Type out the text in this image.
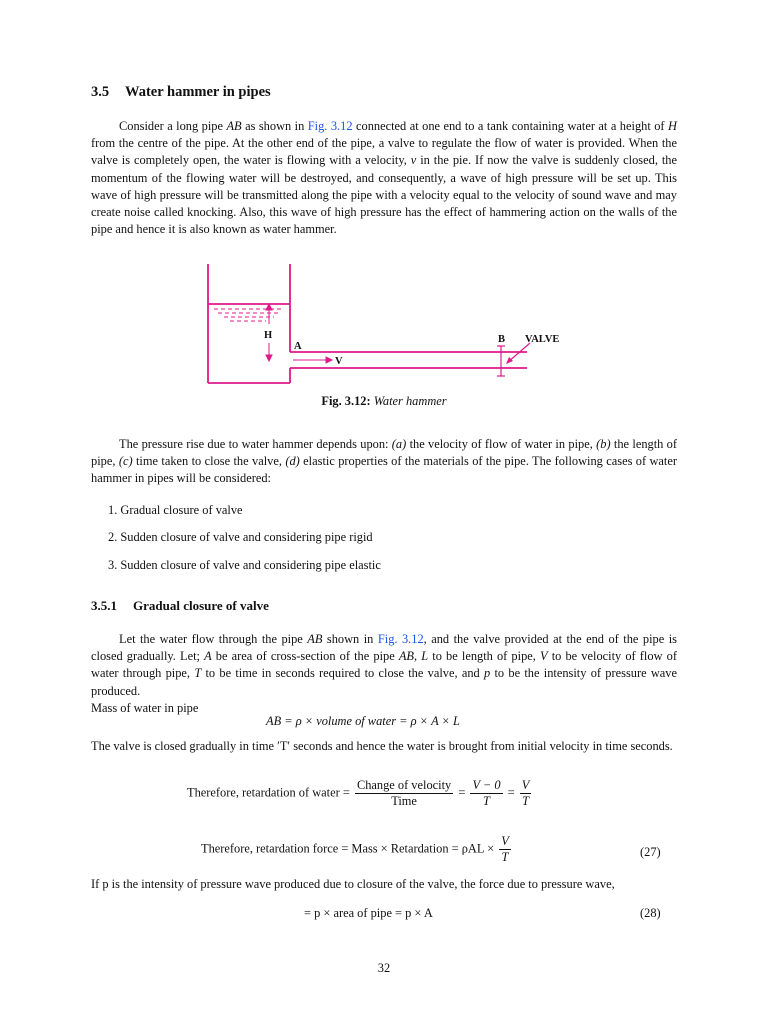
3.5 Water hammer in pipes

Consider a long pipe AB as shown in Fig. 3.12 connected at one end to a tank containing water at a height of H from the centre of the pipe. At the other end of the pipe, a valve to regulate the flow of water is provided. When the valve is completely open, the water is flowing with a velocity, v in the pie. If now the valve is suddenly closed, the momentum of the flowing water will be destroyed, and consequently, a wave of high pressure will be set up. This wave of high pressure will be transmitted along the pipe with a velocity equal to the velocity of sound wave and may create noise called knocking. Also, this wave of high pressure has the effect of hammering action on the walls of the pipe and hence it is also known as water hammer.

H
A
V
B VALVE
Fig. 3.12: Water hammer

The pressure rise due to water hammer depends upon: (a) the velocity of flow of water in pipe, (b) the length of pipe, (c) time taken to close the valve, (d) elastic properties of the materials of the pipe. The following cases of water hammer in pipes will be considered:

1. Gradual closure of valve
2. Sudden closure of valve and considering pipe rigid
3. Sudden closure of valve and considering pipe elastic
3.5.1 Gradual closure of valve

Let the water flow through the pipe AB shown in Fig. 3.12, and the valve provided at the end of the pipe is closed gradually. Let; A be area of cross-section of the pipe AB, L to be length of pipe, V to be velocity of flow of water through pipe, T to be time in seconds required to close the valve, and p to be the intensity of pressure wave produced.

Mass of water in pipe

AB = ρ × volume of water = ρ × A × L

The valve is closed gradually in time ′T′ seconds and hence the water is brought from initial velocity in time seconds.

Therefore, retardation of water = $\frac{\text{Change of velocity}}{\text{Time}} = \frac{V - 0}{T} = \frac{V}{T}$
Therefore, retardation force = Mass × Retardation = $\rho AL \times \frac{V}{T}$	(27)

If p is the intensity of pressure wave produced due to closure of the valve, the force due to pressure wave,

= p × area of pipe = p × A	(28)
32
